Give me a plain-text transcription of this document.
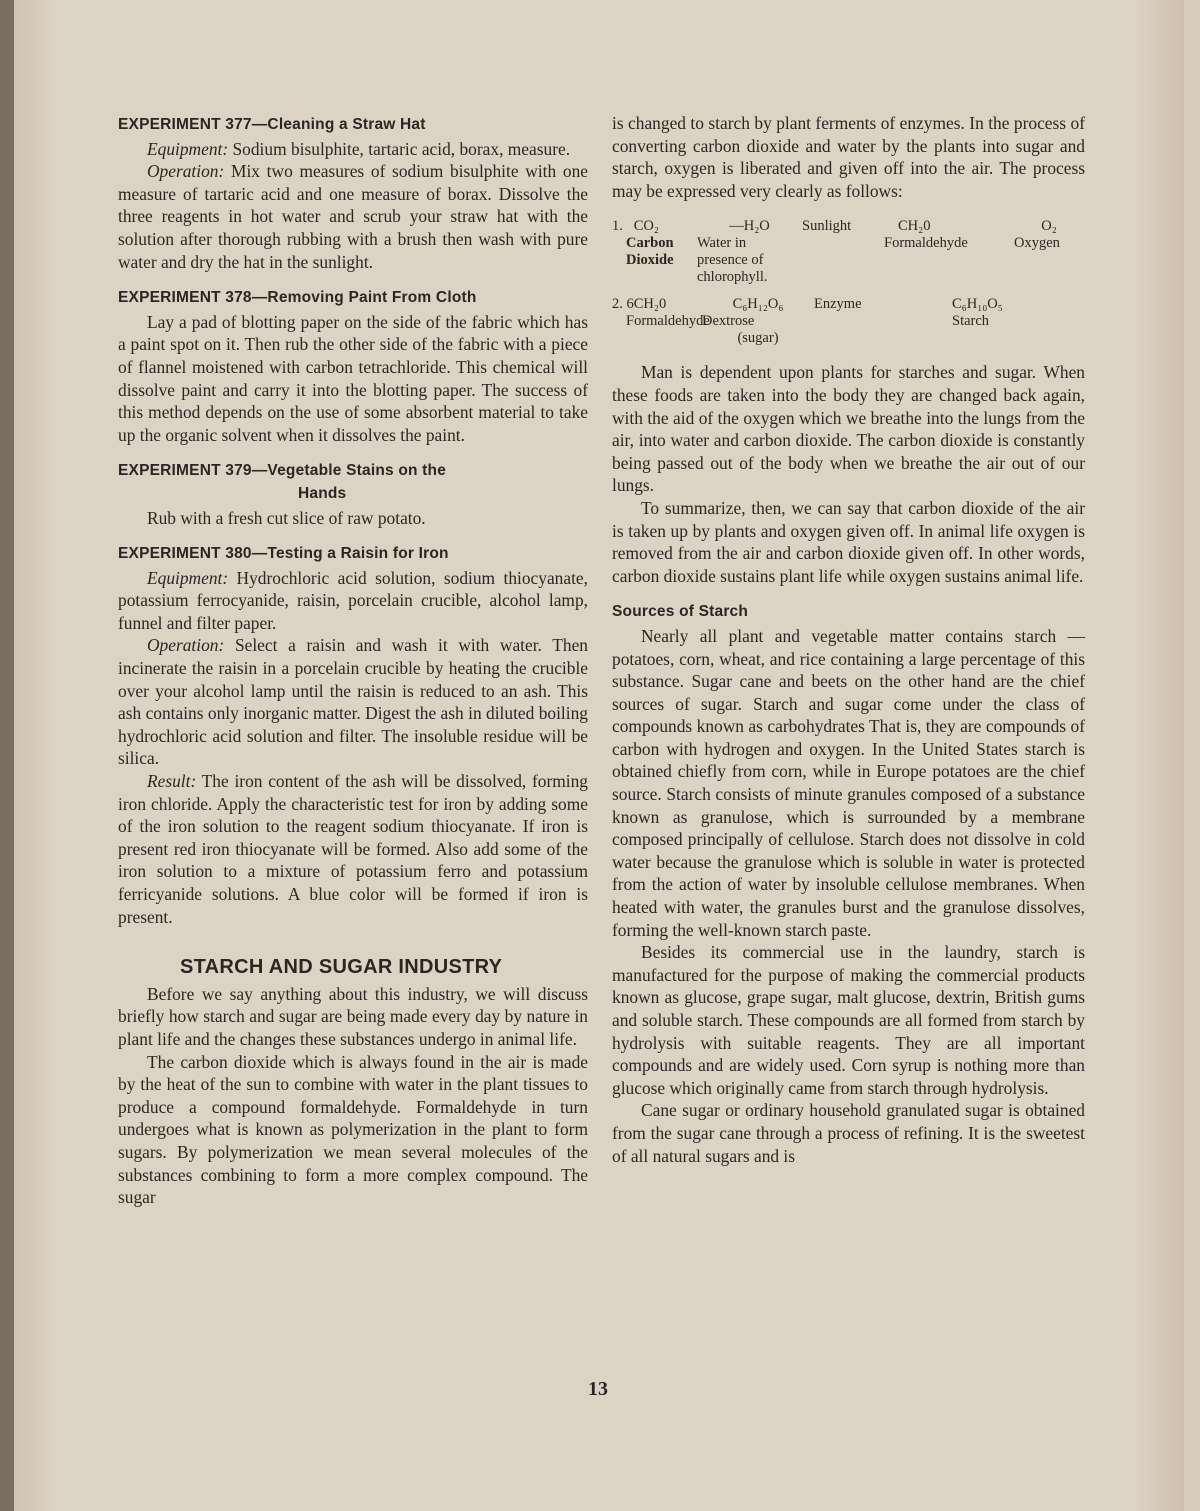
EXPERIMENT 377—Cleaning a Straw Hat

Equipment: Sodium bisulphite, tartaric acid, borax, measure.

Operation: Mix two measures of sodium bisulphite with one measure of tartaric acid and one measure of borax. Dissolve the three reagents in hot water and scrub your straw hat with the solution after thorough rubbing with a brush then wash with pure water and dry the hat in the sunlight.

EXPERIMENT 378—Removing Paint From Cloth

Lay a pad of blotting paper on the side of the fabric which has a paint spot on it. Then rub the other side of the fabric with a piece of flannel moistened with carbon tetrachloride. This chemical will dissolve paint and carry it into the blotting paper. The success of this method depends on the use of some absorbent material to take up the organic solvent when it dissolves the paint.

EXPERIMENT 379—Vegetable Stains on the
Hands

Rub with a fresh cut slice of raw potato.

EXPERIMENT 380—Testing a Raisin for Iron

Equipment: Hydrochloric acid solution, sodium thiocyanate, potassium ferrocyanide, raisin, porcelain crucible, alcohol lamp, funnel and filter paper.

Operation: Select a raisin and wash it with water. Then incinerate the raisin in a porcelain crucible by heating the crucible over your alcohol lamp until the raisin is reduced to an ash. This ash contains only inorganic matter. Digest the ash in diluted boiling hydrochloric acid solution and filter. The insoluble residue will be silica.

Result: The iron content of the ash will be dissolved, forming iron chloride. Apply the characteristic test for iron by adding some of the iron solution to the reagent sodium thiocyanate. If iron is present red iron thiocyanate will be formed. Also add some of the iron solution to a mixture of potassium ferro and potassium ferricyanide solutions. A blue color will be formed if iron is present.

STARCH AND SUGAR INDUSTRY

Before we say anything about this industry, we will discuss briefly how starch and sugar are being made every day by nature in plant life and the changes these substances undergo in animal life.

The carbon dioxide which is always found in the air is made by the heat of the sun to combine with water in the plant tissues to produce a compound formaldehyde. Formaldehyde in turn undergoes what is known as polymerization in the plant to form sugars. By polymerization we mean several molecules of the substances combining to form a more complex compound. The sugar

is changed to starch by plant ferments of enzymes. In the process of converting carbon dioxide and water by the plants into sugar and starch, oxygen is liberated and given off into the air. The process may be expressed very clearly as follows:

1. CO₂
Carbon Dioxide
—H₂O
Water in presence of chlorophyll.
Sunlight	CH₂0
Formaldehyde
O₂
Oxygen
2. 6CH₂0
Formaldehyde
C₆H₁₂O₆
Dextrose
(sugar)
Enzyme	C₆H₁₀O₅
Starch

Man is dependent upon plants for starches and sugar. When these foods are taken into the body they are changed back again, with the aid of the oxygen which we breathe into the lungs from the air, into water and carbon dioxide. The carbon dioxide is constantly being passed out of the body when we breathe the air out of our lungs.

To summarize, then, we can say that carbon dioxide of the air is taken up by plants and oxygen given off. In animal life oxygen is removed from the air and carbon dioxide given off. In other words, carbon dioxide sustains plant life while oxygen sustains animal life.

Sources of Starch

Nearly all plant and vegetable matter contains starch —potatoes, corn, wheat, and rice containing a large percentage of this substance. Sugar cane and beets on the other hand are the chief sources of sugar. Starch and sugar come under the class of compounds known as carbohydrates That is, they are compounds of carbon with hydrogen and oxygen. In the United States starch is obtained chiefly from corn, while in Europe potatoes are the chief source. Starch consists of minute granules composed of a substance known as granulose, which is surrounded by a membrane composed principally of cellulose. Starch does not dissolve in cold water because the granulose which is soluble in water is protected from the action of water by insoluble cellulose membranes. When heated with water, the granules burst and the granulose dissolves, forming the well-known starch paste.

Besides its commercial use in the laundry, starch is manufactured for the purpose of making the commercial products known as glucose, grape sugar, malt glucose, dextrin, British gums and soluble starch. These compounds are all formed from starch by hydrolysis with suitable reagents. They are all important compounds and are widely used. Corn syrup is nothing more than glucose which originally came from starch through hydrolysis.

Cane sugar or ordinary household granulated sugar is obtained from the sugar cane through a process of refining. It is the sweetest of all natural sugars and is

13
